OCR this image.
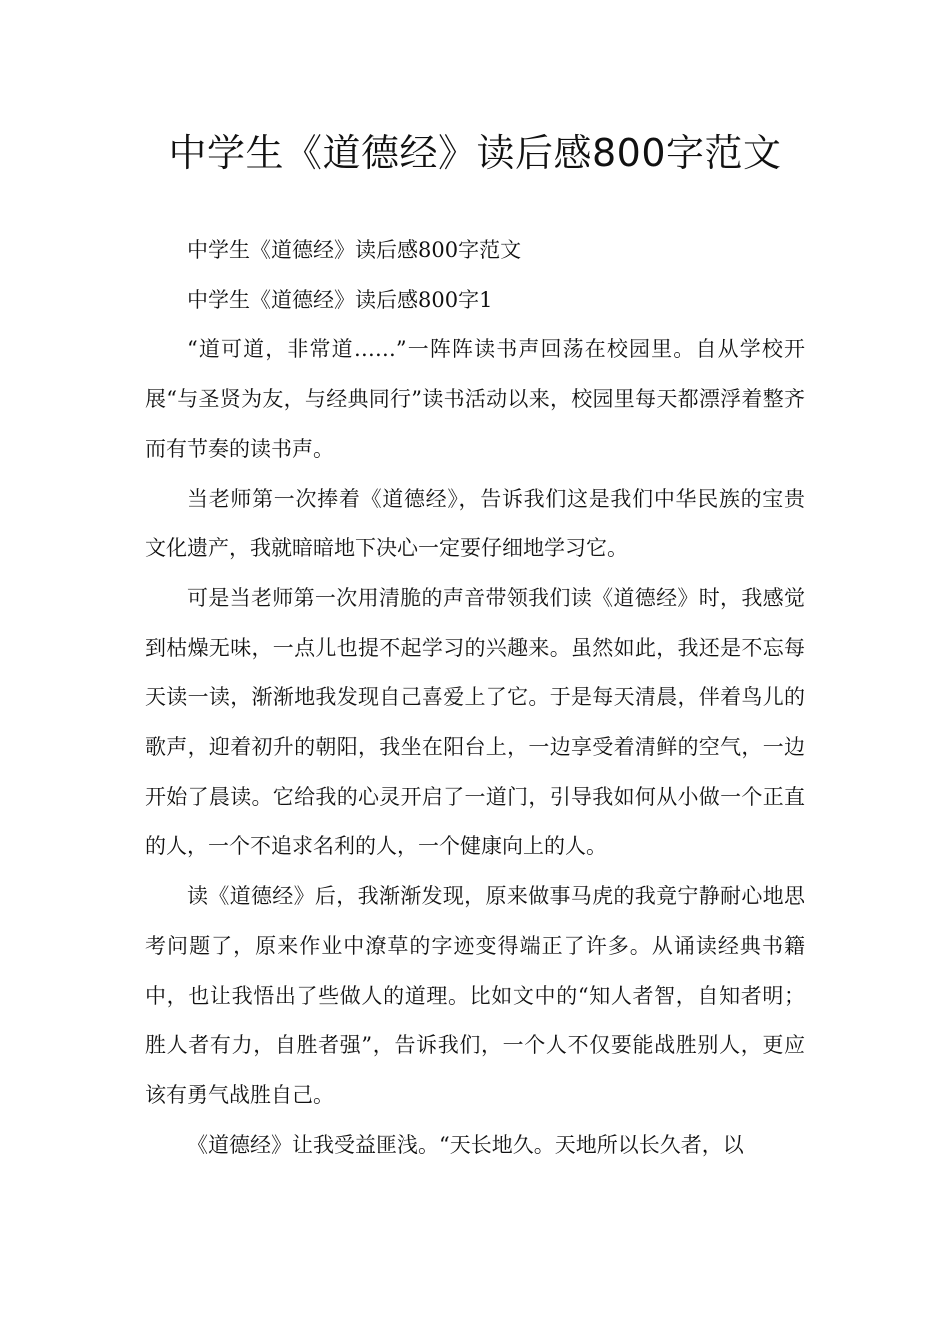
中学生《道德经》读后感800字范文

中学生《道德经》读后感800字范文

中学生《道德经》读后感800字1

“道可道，非常道……”一阵阵读书声回荡在校园里。自从学校开展“与圣贤为友，与经典同行”读书活动以来，校园里每天都漂浮着整齐而有节奏的读书声。

当老师第一次捧着《道德经》，告诉我们这是我们中华民族的宝贵文化遗产，我就暗暗地下决心一定要仔细地学习它。

可是当老师第一次用清脆的声音带领我们读《道德经》时，我感觉到枯燥无味，一点儿也提不起学习的兴趣来。虽然如此，我还是不忘每天读一读，渐渐地我发现自己喜爱上了它。于是每天清晨，伴着鸟儿的歌声，迎着初升的朝阳，我坐在阳台上，一边享受着清鲜的空气，一边开始了晨读。它给我的心灵开启了一道门，引导我如何从小做一个正直的人，一个不追求名利的人，一个健康向上的人。

读《道德经》后，我渐渐发现，原来做事马虎的我竟宁静耐心地思考问题了，原来作业中潦草的字迹变得端正了许多。从诵读经典书籍中，也让我悟出了些做人的道理。比如文中的“知人者智，自知者明；胜人者有力，自胜者强”，告诉我们，一个人不仅要能战胜别人，更应该有勇气战胜自己。

《道德经》让我受益匪浅。“天长地久。天地所以长久者，以
